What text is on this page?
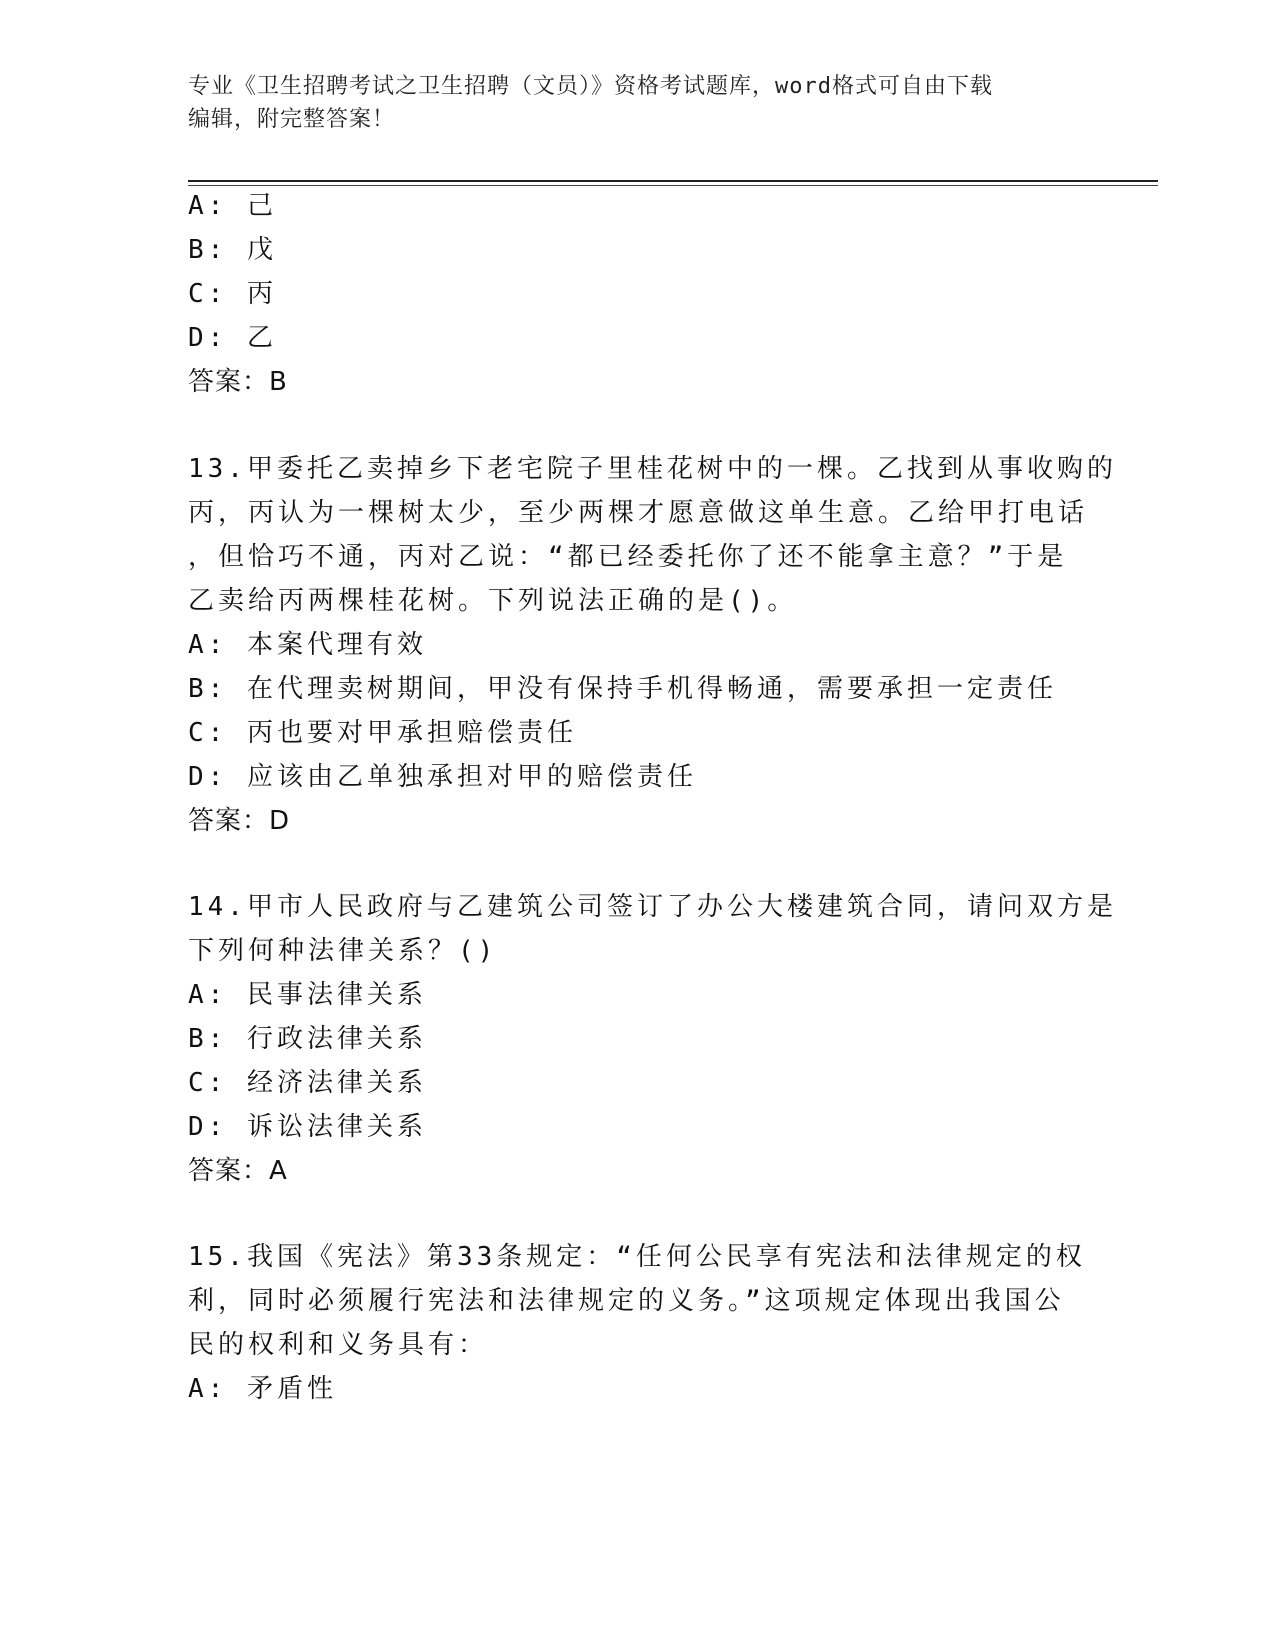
专业《卫生招聘考试之卫生招聘（文员）》资格考试题库，word格式可自由下载
编辑，附完整答案！
A: 己
B: 戊
C: 丙
D: 乙
答案：B
13.甲委托乙卖掉乡下老宅院子里桂花树中的一棵。乙找到从事收购的
丙，丙认为一棵树太少，至少两棵才愿意做这单生意。乙给甲打电话
，但恰巧不通，丙对乙说：“都已经委托你了还不能拿主意？”于是
乙卖给丙两棵桂花树。下列说法正确的是()。
A: 本案代理有效
B: 在代理卖树期间，甲没有保持手机得畅通，需要承担一定责任
C: 丙也要对甲承担赔偿责任
D: 应该由乙单独承担对甲的赔偿责任
答案：D
14.甲市人民政府与乙建筑公司签订了办公大楼建筑合同，请问双方是
下列何种法律关系？()
A: 民事法律关系
B: 行政法律关系
C: 经济法律关系
D: 诉讼法律关系
答案：A
15.我国《宪法》第33条规定：“任何公民享有宪法和法律规定的权
利，同时必须履行宪法和法律规定的义务。”这项规定体现出我国公
民的权利和义务具有：
A: 矛盾性
